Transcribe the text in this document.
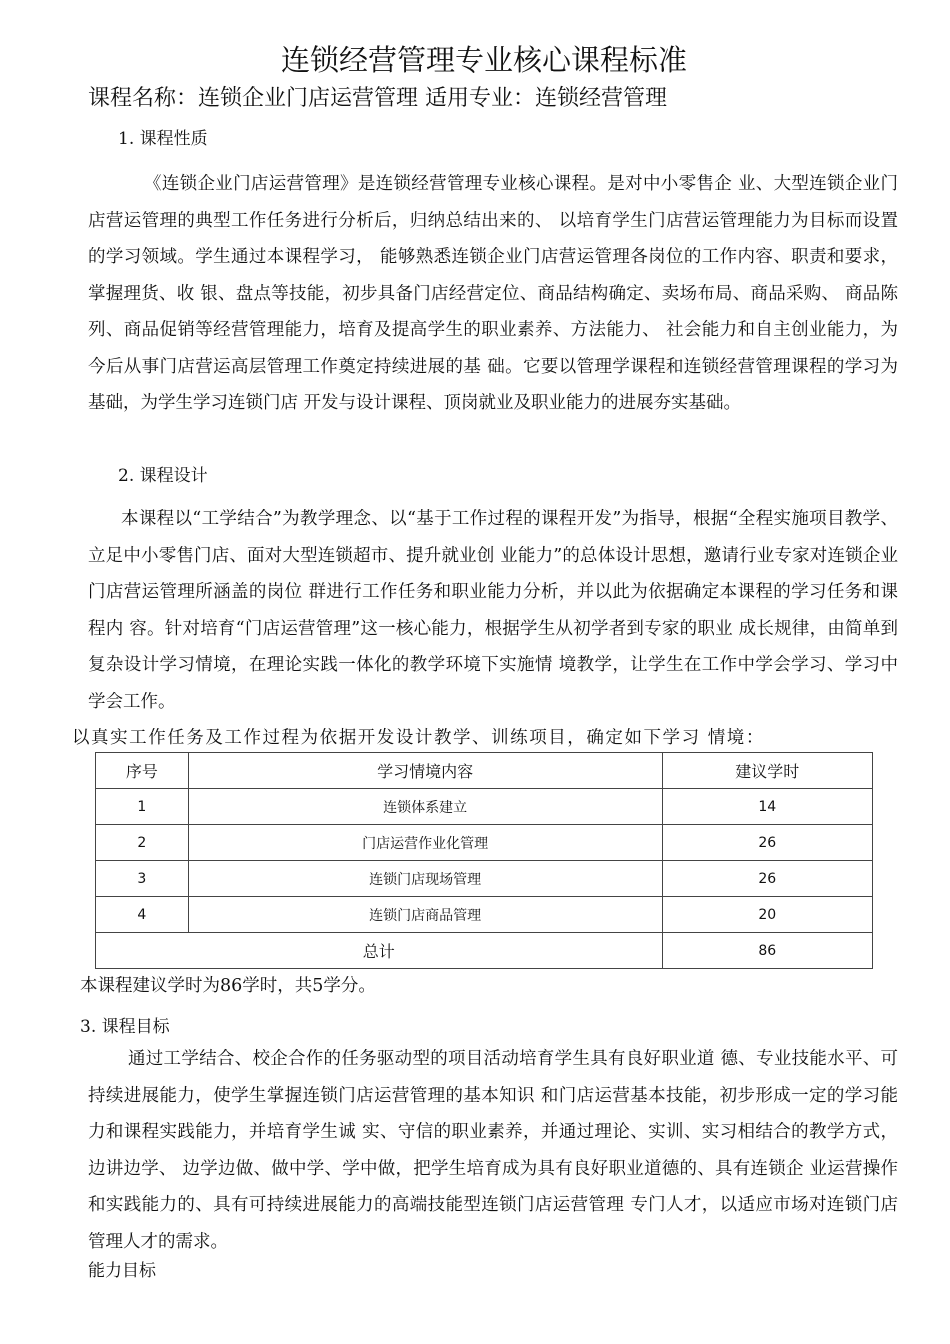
连锁经营管理专业核心课程标准
课程名称：连锁企业门店运营管理 适用专业：连锁经营管理
1. 课程性质

《连锁企业门店运营管理》是连锁经营管理专业核心课程。是对中小零售企 业、大型连锁企业门店营运管理的典型工作任务进行分析后，归纳总结出来的、 以培育学生门店营运管理能力为目标而设置的学习领域。学生通过本课程学习， 能够熟悉连锁企业门店营运管理各岗位的工作内容、职责和要求，掌握理货、收 银、盘点等技能，初步具备门店经营定位、商品结构确定、卖场布局、商品采购、 商品陈列、商品促销等经营管理能力，培育及提高学生的职业素养、方法能力、 社会能力和自主创业能力，为今后从事门店营运高层管理工作奠定持续进展的基 础。它要以管理学课程和连锁经营管理课程的学习为基础，为学生学习连锁门店 开发与设计课程、顶岗就业及职业能力的进展夯实基础。

2. 课程设计

本课程以“工学结合”为教学理念、以“基于工作过程的课程开发”为指导，根据“全程实施项目教学、立足中小零售门店、面对大型连锁超市、提升就业创 业能力”的总体设计思想，邀请行业专家对连锁企业门店营运管理所涵盖的岗位 群进行工作任务和职业能力分析，并以此为依据确定本课程的学习任务和课程内 容。针对培育“门店运营管理”这一核心能力，根据学生从初学者到专家的职业 成长规律，由简单到复杂设计学习情境，在理论实践一体化的教学环境下实施情 境教学，让学生在工作中学会学习、学习中学会工作。

以真实工作任务及工作过程为依据开发设计教学、训练项目，确定如下学习 情境：
序号	学习情境内容	建议学时
1	连锁体系建立	14
2	门店运营作业化管理	26
3	连锁门店现场管理	26
4	连锁门店商品管理	20
总计		86
本课程建议学时为86学时，共5学分。
3. 课程目标

通过工学结合、校企合作的任务驱动型的项目活动培育学生具有良好职业道 德、专业技能水平、可持续进展能力，使学生掌握连锁门店运营管理的基本知识 和门店运营基本技能，初步形成一定的学习能力和课程实践能力，并培育学生诚 实、守信的职业素养，并通过理论、实训、实习相结合的教学方式，边讲边学、 边学边做、做中学、学中做，把学生培育成为具有良好职业道德的、具有连锁企 业运营操作和实践能力的、具有可持续进展能力的高端技能型连锁门店运营管理 专门人才，以适应市场对连锁门店管理人才的需求。

能力目标
